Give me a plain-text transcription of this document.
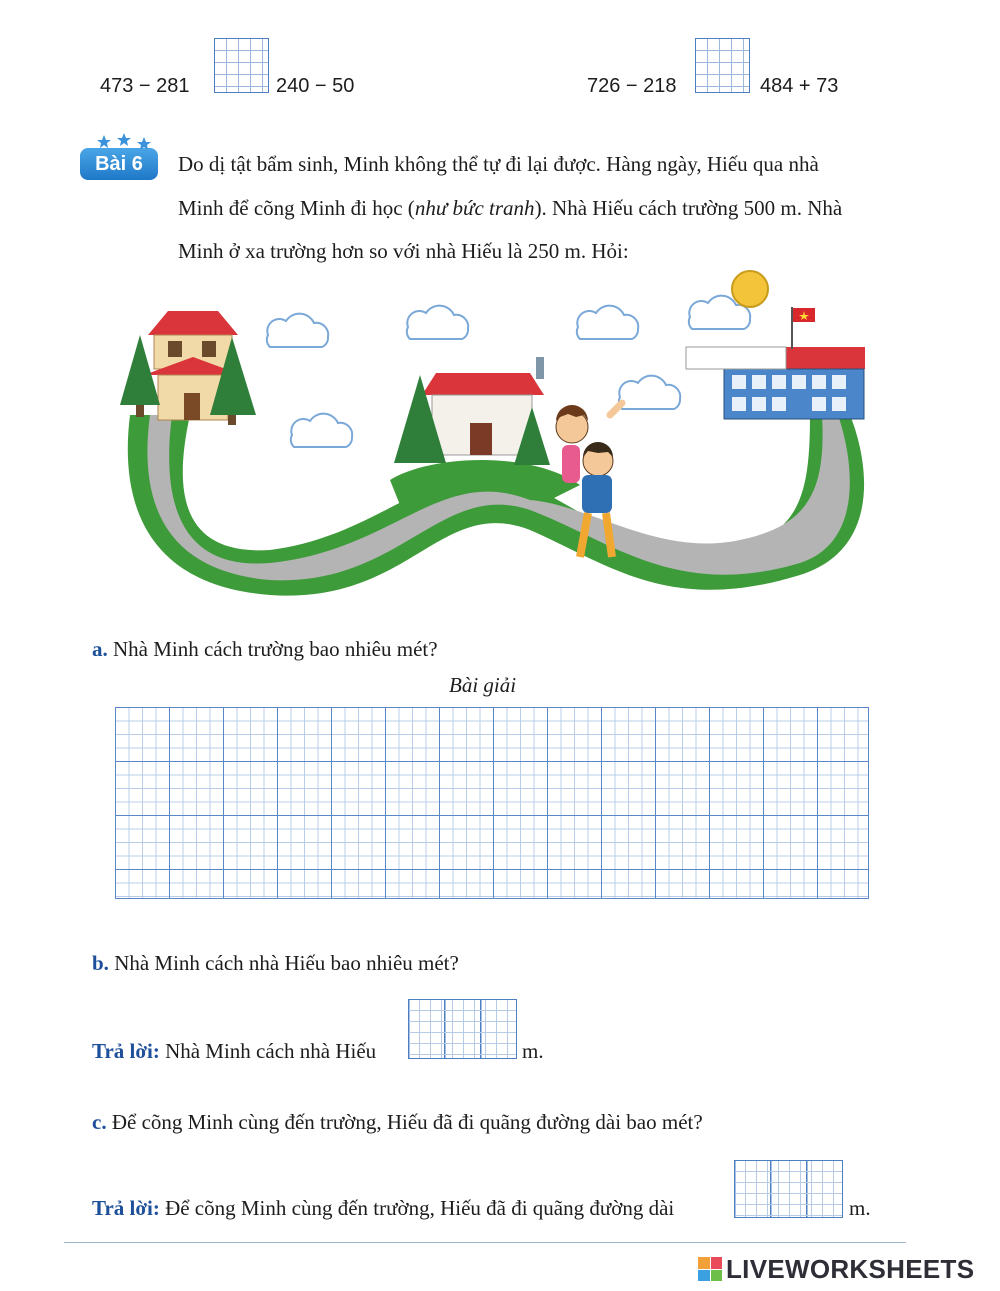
473 − 281	240 − 50	726 − 218	484 + 73
Bài 6 Do dị tật bẩm sinh, Minh không thể tự đi lại được. Hàng ngày, Hiếu qua nhà
Minh để cõng Minh đi học (như bức tranh). Nhà Hiếu cách trường 500 m. Nhà
Minh ở xa trường hơn so với nhà Hiếu là 250 m. Hỏi:
a. Nhà Minh cách trường bao nhiêu mét?
Bài giải
b. Nhà Minh cách nhà Hiếu bao nhiêu mét?
Trả lời: Nhà Minh cách nhà Hiếu	m.
c. Để cõng Minh cùng đến trường, Hiếu đã đi quãng đường dài bao mét?
Trả lời: Để cõng Minh cùng đến trường, Hiếu đã đi quãng đường dài	m.
LIVEWORKSHEETS
